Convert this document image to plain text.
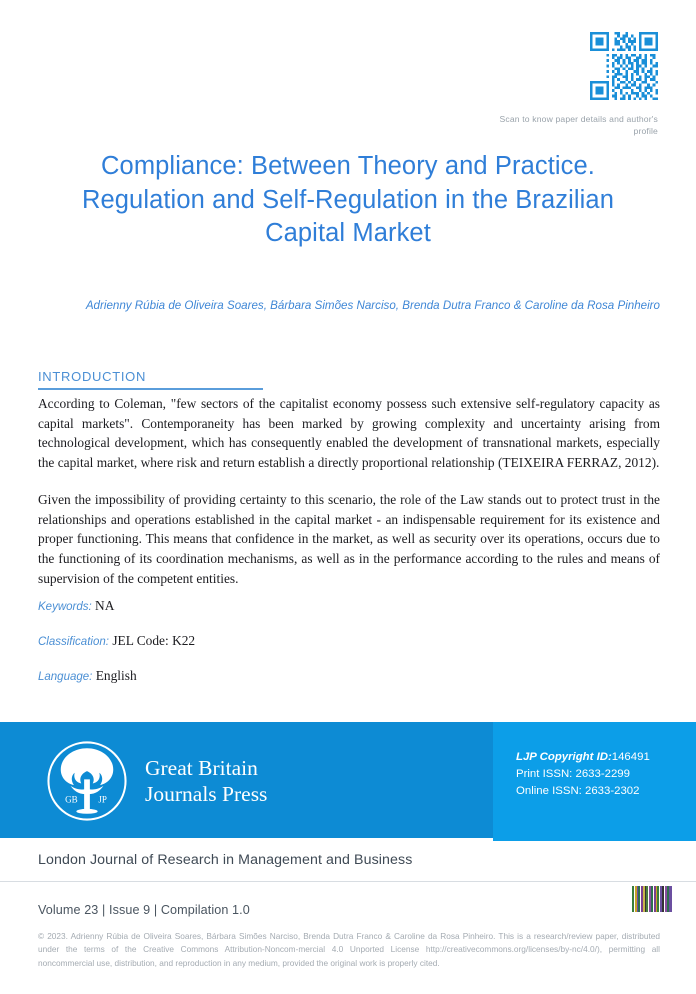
Scan to know paper details and author's profile
Compliance: Between Theory and Practice. Regulation and Self-Regulation in the Brazilian Capital Market
Adrienny Rúbia de Oliveira Soares, Bárbara Simões Narciso, Brenda Dutra Franco & Caroline da Rosa Pinheiro
INTRODUCTION

According to Coleman, "few sectors of the capitalist economy possess such extensive self-regulatory capacity as capital markets". Contemporaneity has been marked by growing complexity and uncertainty arising from technological development, which has consequently enabled the development of transnational markets, especially the capital market, where risk and return establish a directly proportional relationship (TEIXEIRA FERRAZ, 2012).

Given the impossibility of providing certainty to this scenario, the role of the Law stands out to protect trust in the relationships and operations established in the capital market - an indispensable requirement for its existence and proper functioning. This means that confidence in the market, as well as security over its operations, occurs due to the functioning of its coordination mechanisms, as well as in the performance according to the rules and means of supervision of the competent entities.

Keywords: NA
Classification: JEL Code: K22
Language: English
GB JP
Great Britain
Journals Press
LJP Copyright ID:146491
Print ISSN: 2633-2299
Online ISSN: 2633-2302
London Journal of Research in Management and Business
Volume 23 | Issue 9 | Compilation 1.0
© 2023. Adrienny Rúbia de Oliveira Soares, Bárbara Simões Narciso, Brenda Dutra Franco & Caroline da Rosa Pinheiro. This is a research/review paper, distributed under the terms of the Creative Commons Attribution-Noncom-mercial 4.0 Unported License http://creativecommons.org/licenses/by-nc/4.0/), permitting all noncommercial use, distribution, and reproduction in any medium, provided the original work is properly cited.
